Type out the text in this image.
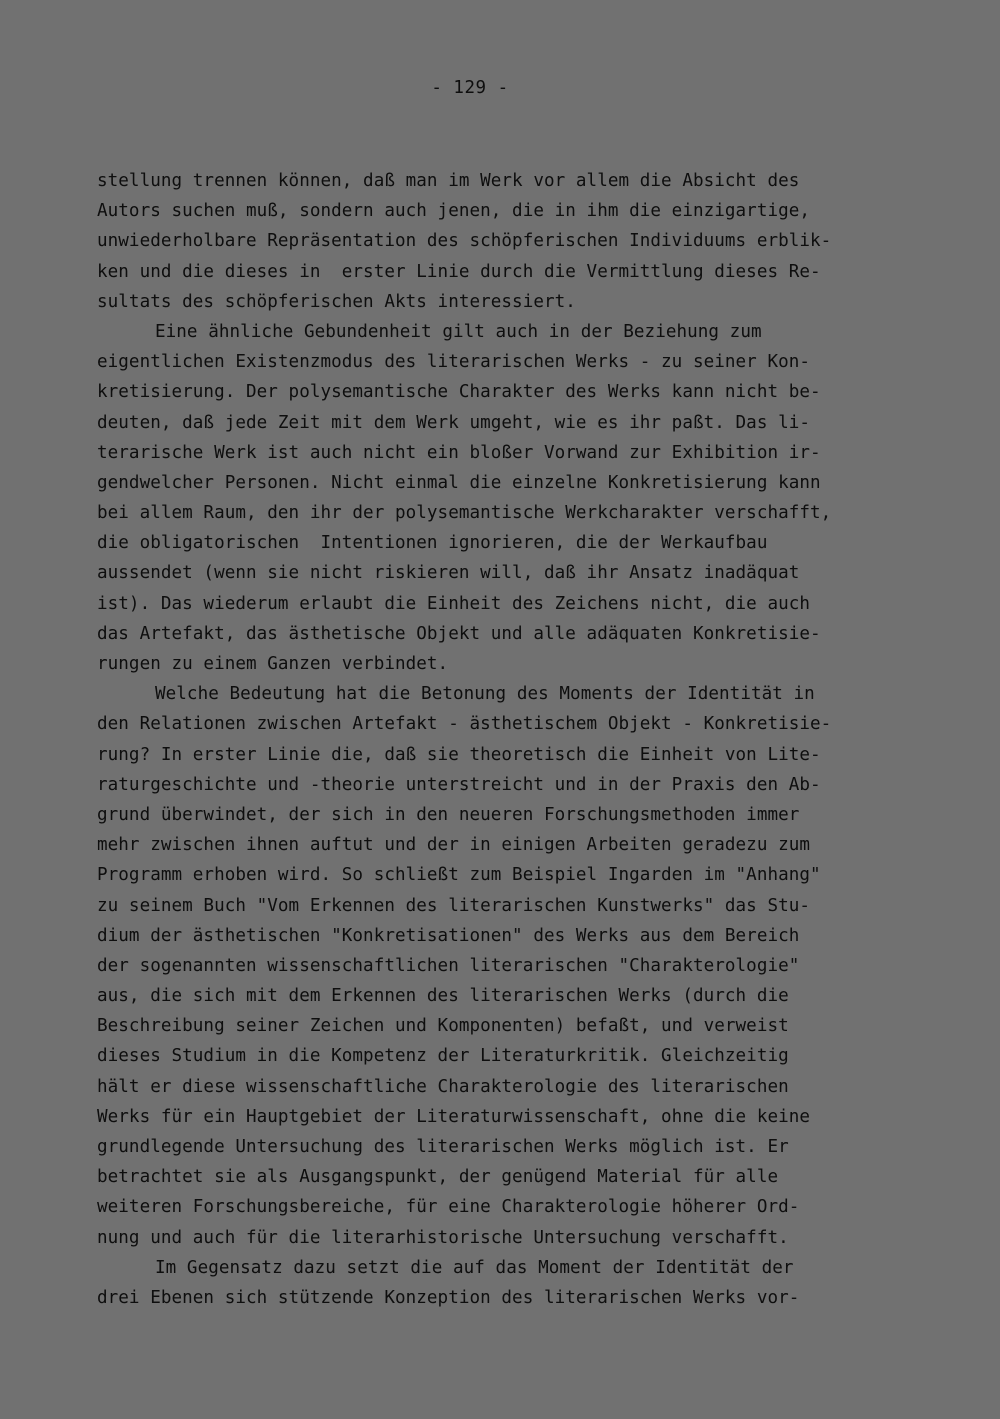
- 129 -
stellung trennen können, daß man im Werk vor allem die Absicht des
Autors suchen muß, sondern auch jenen, die in ihm die einzigartige,
unwiederholbare Repräsentation des schöpferischen Individuums erblik-
ken und die dieses in  erster Linie durch die Vermittlung dieses Re-
sultats des schöpferischen Akts interessiert.
Eine ähnliche Gebundenheit gilt auch in der Beziehung zum
eigentlichen Existenzmodus des literarischen Werks - zu seiner Kon-
kretisierung. Der polysemantische Charakter des Werks kann nicht be-
deuten, daß jede Zeit mit dem Werk umgeht, wie es ihr paßt. Das li-
terarische Werk ist auch nicht ein bloßer Vorwand zur Exhibition ir-
gendwelcher Personen. Nicht einmal die einzelne Konkretisierung kann
bei allem Raum, den ihr der polysemantische Werkcharakter verschafft,
die obligatorischen  Intentionen ignorieren, die der Werkaufbau
aussendet (wenn sie nicht riskieren will, daß ihr Ansatz inadäquat
ist). Das wiederum erlaubt die Einheit des Zeichens nicht, die auch
das Artefakt, das ästhetische Objekt und alle adäquaten Konkretisie-
rungen zu einem Ganzen verbindet.
Welche Bedeutung hat die Betonung des Moments der Identität in
den Relationen zwischen Artefakt - ästhetischem Objekt - Konkretisie-
rung? In erster Linie die, daß sie theoretisch die Einheit von Lite-
raturgeschichte und -theorie unterstreicht und in der Praxis den Ab-
grund überwindet, der sich in den neueren Forschungsmethoden immer
mehr zwischen ihnen auftut und der in einigen Arbeiten geradezu zum
Programm erhoben wird. So schließt zum Beispiel Ingarden im "Anhang"
zu seinem Buch "Vom Erkennen des literarischen Kunstwerks" das Stu-
dium der ästhetischen "Konkretisationen" des Werks aus dem Bereich
der sogenannten wissenschaftlichen literarischen "Charakterologie"
aus, die sich mit dem Erkennen des literarischen Werks (durch die
Beschreibung seiner Zeichen und Komponenten) befaßt, und verweist
dieses Studium in die Kompetenz der Literaturkritik. Gleichzeitig
hält er diese wissenschaftliche Charakterologie des literarischen
Werks für ein Hauptgebiet der Literaturwissenschaft, ohne die keine
grundlegende Untersuchung des literarischen Werks möglich ist. Er
betrachtet sie als Ausgangspunkt, der genügend Material für alle
weiteren Forschungsbereiche, für eine Charakterologie höherer Ord-
nung und auch für die literarhistorische Untersuchung verschafft.
Im Gegensatz dazu setzt die auf das Moment der Identität der
drei Ebenen sich stützende Konzeption des literarischen Werks vor-
